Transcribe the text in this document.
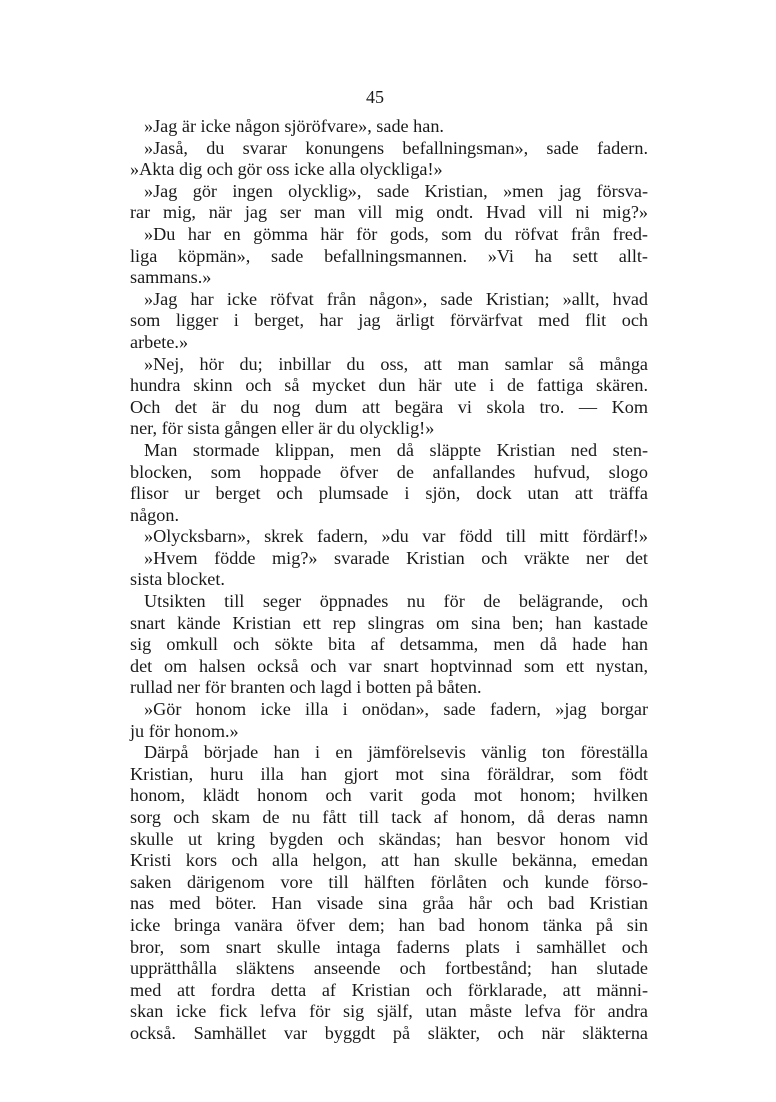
45
»Jag är icke någon sjöröfvare», sade han.
»Jaså, du svarar konungens befallningsman», sade fadern.
»Akta dig och gör oss icke alla olyckliga!»
»Jag gör ingen olycklig», sade Kristian, »men jag försva-
rar mig, när jag ser man vill mig ondt. Hvad vill ni mig?»
»Du har en gömma här för gods, som du röfvat från fred-
liga köpmän», sade befallningsmannen. »Vi ha sett allt-
sammans.»
»Jag har icke röfvat från någon», sade Kristian; »allt, hvad
som ligger i berget, har jag ärligt förvärfvat med flit och
arbete.»
»Nej, hör du; inbillar du oss, att man samlar så många
hundra skinn och så mycket dun här ute i de fattiga skären.
Och det är du nog dum att begära vi skola tro. — Kom
ner, för sista gången eller är du olycklig!»
Man stormade klippan, men då släppte Kristian ned sten-
blocken, som hoppade öfver de anfallandes hufvud, slogo
flisor ur berget och plumsade i sjön, dock utan att träffa
någon.
»Olycksbarn», skrek fadern, »du var född till mitt fördärf!»
»Hvem födde mig?» svarade Kristian och vräkte ner det
sista blocket.
Utsikten till seger öppnades nu för de belägrande, och
snart kände Kristian ett rep slingras om sina ben; han kastade
sig omkull och sökte bita af detsamma, men då hade han
det om halsen också och var snart hoptvinnad som ett nystan,
rullad ner för branten och lagd i botten på båten.
»Gör honom icke illa i onödan», sade fadern, »jag borgar
ju för honom.»
Därpå började han i en jämförelsevis vänlig ton föreställa
Kristian, huru illa han gjort mot sina föräldrar, som födt
honom, klädt honom och varit goda mot honom; hvilken
sorg och skam de nu fått till tack af honom, då deras namn
skulle ut kring bygden och skändas; han besvor honom vid
Kristi kors och alla helgon, att han skulle bekänna, emedan
saken därigenom vore till hälften förlåten och kunde förso-
nas med böter. Han visade sina gråa hår och bad Kristian
icke bringa vanära öfver dem; han bad honom tänka på sin
bror, som snart skulle intaga faderns plats i samhället och
upprätthålla släktens anseende och fortbestånd; han slutade
med att fordra detta af Kristian och förklarade, att männi-
skan icke fick lefva för sig själf, utan måste lefva för andra
också. Samhället var byggdt på släkter, och när släkterna
